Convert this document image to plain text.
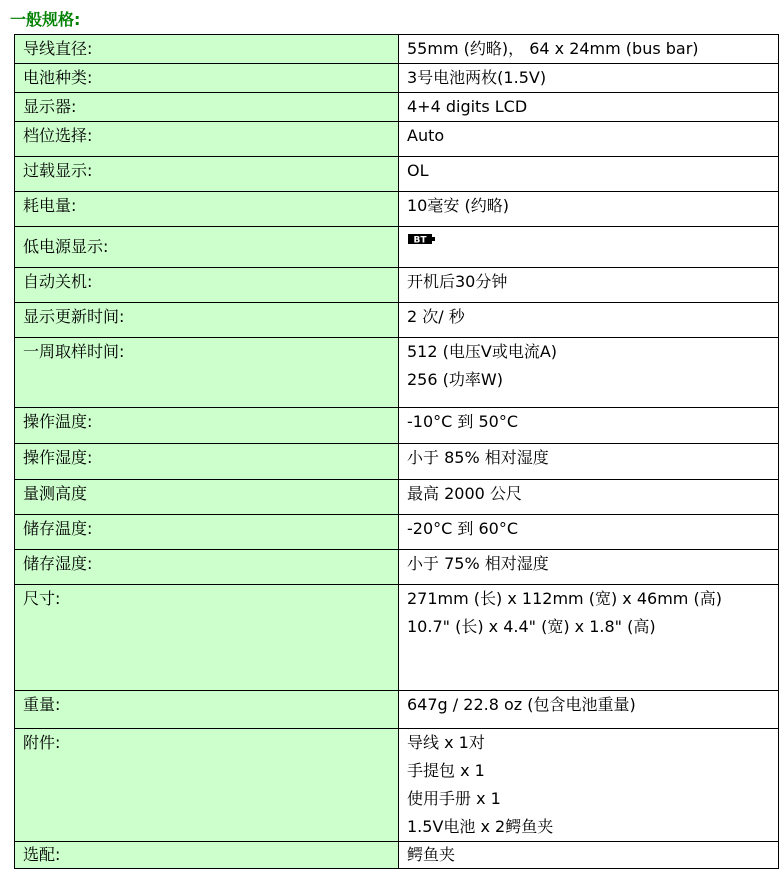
一般规格:
导线直径:	55mm (约略)， 64 x 24mm (bus bar)

电池种类:	3号电池两枚(1.5V)

显示器:	4+4 digits LCD

档位选择:	Auto

过载显示:	OL

耗电量:	10毫安 (约略)

低电源显示:	BT

自动关机:	开机后30分钟

显示更新时间:	2 次/ 秒

一周取样时间:	512 (电压V或电流A)
256 (功率W)

操作温度:	-10°C 到 50°C

操作湿度:	小于 85% 相对湿度

量测高度	最高 2000 公尺

储存温度:	-20°C 到 60°C

储存湿度:	小于 75% 相对湿度

尺寸:	271mm (长) x 112mm (宽) x 46mm (高)
10.7" (长) x 4.4" (宽) x 1.8" (高)

重量:	647g / 22.8 oz (包含电池重量)

附件:	导线 x 1对
手提包 x 1
使用手册 x 1
1.5V电池 x 2鳄鱼夹

选配:	鳄鱼夹
